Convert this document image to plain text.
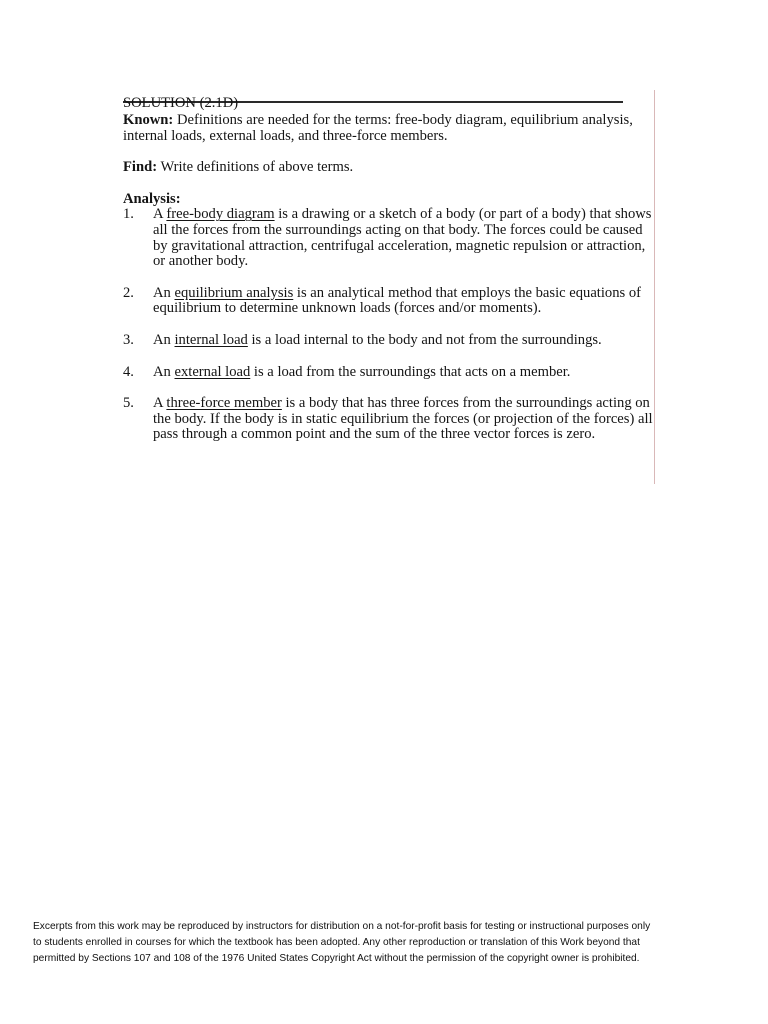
SOLUTION (2.1D)

Known: Definitions are needed for the terms: free-body diagram, equilibrium analysis, internal loads, external loads, and three-force members.

Find: Write definitions of above terms.

Analysis:

1.	A free-body diagram is a drawing or a sketch of a body (or part of a body) that shows all the forces from the surroundings acting on that body. The forces could be caused by gravitational attraction, centrifugal acceleration, magnetic repulsion or attraction, or another body.
2.	An equilibrium analysis is an analytical method that employs the basic equations of equilibrium to determine unknown loads (forces and/or moments).
3.	An internal load is a load internal to the body and not from the surroundings.
4.	An external load is a load from the surroundings that acts on a member.
5.	A three-force member is a body that has three forces from the surroundings acting on the body. If the body is in static equilibrium the forces (or projection of the forces) all pass through a common point and the sum of the three vector forces is zero.

Excerpts from this work may be reproduced by instructors for distribution on a not-for-profit basis for testing or instructional purposes only

to students enrolled in courses for which the textbook has been adopted. Any other reproduction or translation of this Work beyond that

permitted by Sections 107 and 108 of the 1976 United States Copyright Act without the permission of the copyright owner is prohibited.
